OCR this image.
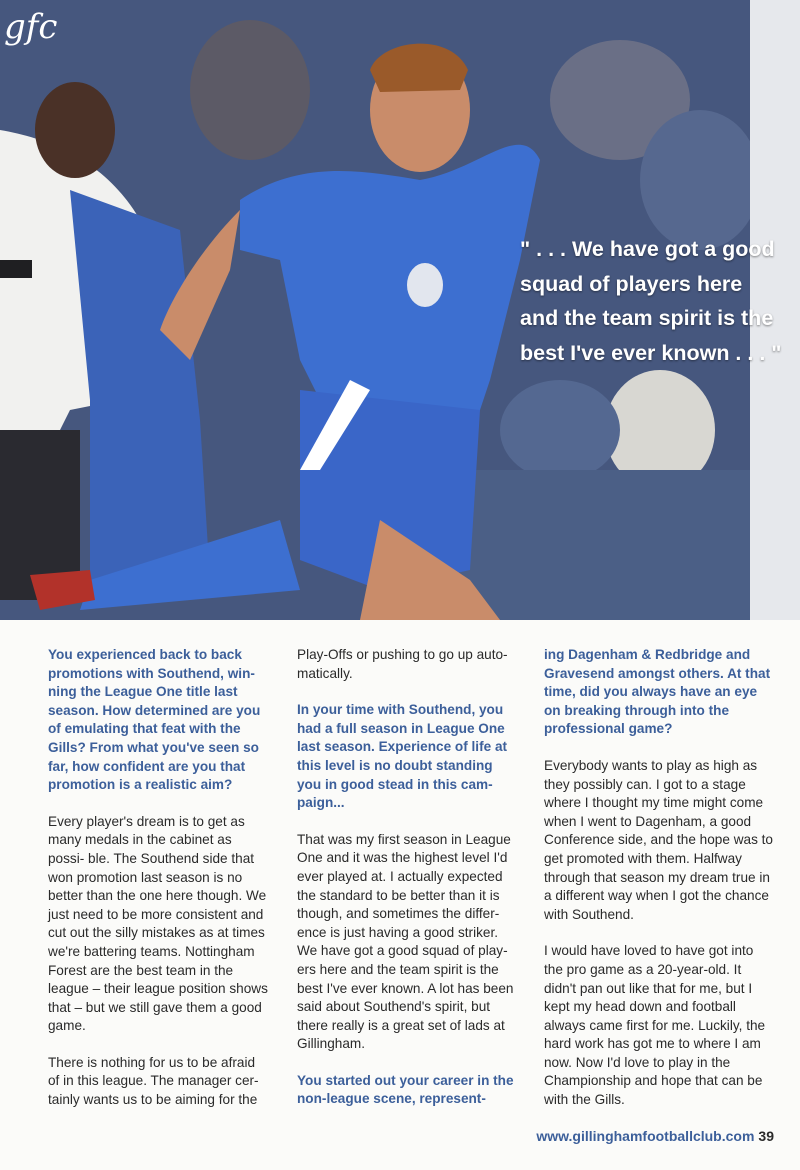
gfc
" . . . We have got a good squad of players here and the team spirit is the best I've ever known . . . "

You experienced back to back promotions with Southend, win- ning the League One title last season. How determined are you of emulating that feat with the Gills? From what you've seen so far, how confident are you that promotion is a realistic aim?

Every player's dream is to get as many medals in the cabinet as possi- ble. The Southend side that won promotion last season is no better than the one here though. We just need to be more consistent and cut out the silly mistakes as at times we're battering teams. Nottingham Forest are the best team in the league – their league position shows that – but we still gave them a good game.

There is nothing for us to be afraid of in this league. The manager cer- tainly wants us to be aiming for the

Play-Offs or pushing to go up auto- matically.

In your time with Southend, you had a full season in League One last season. Experience of life at this level is no doubt standing you in good stead in this cam- paign...

That was my first season in League One and it was the highest level I'd ever played at. I actually expected the standard to be better than it is though, and sometimes the differ- ence is just having a good striker. We have got a good squad of play- ers here and the team spirit is the best I've ever known. A lot has been said about Southend's spirit, but there really is a great set of lads at Gillingham.

You started out your career in the non-league scene, represent-

ing Dagenham & Redbridge and Gravesend amongst others. At that time, did you always have an eye on breaking through into the professional game?

Everybody wants to play as high as they possibly can. I got to a stage where I thought my time might come when I went to Dagenham, a good Conference side, and the hope was to get promoted with them. Halfway through that season my dream true in a different way when I got the chance with Southend.

I would have loved to have got into the pro game as a 20-year-old. It didn't pan out like that for me, but I kept my head down and football always came first for me. Luckily, the hard work has got me to where I am now. Now I'd love to play in the Championship and hope that can be with the Gills.

www.gillinghamfootballclub.com 39
